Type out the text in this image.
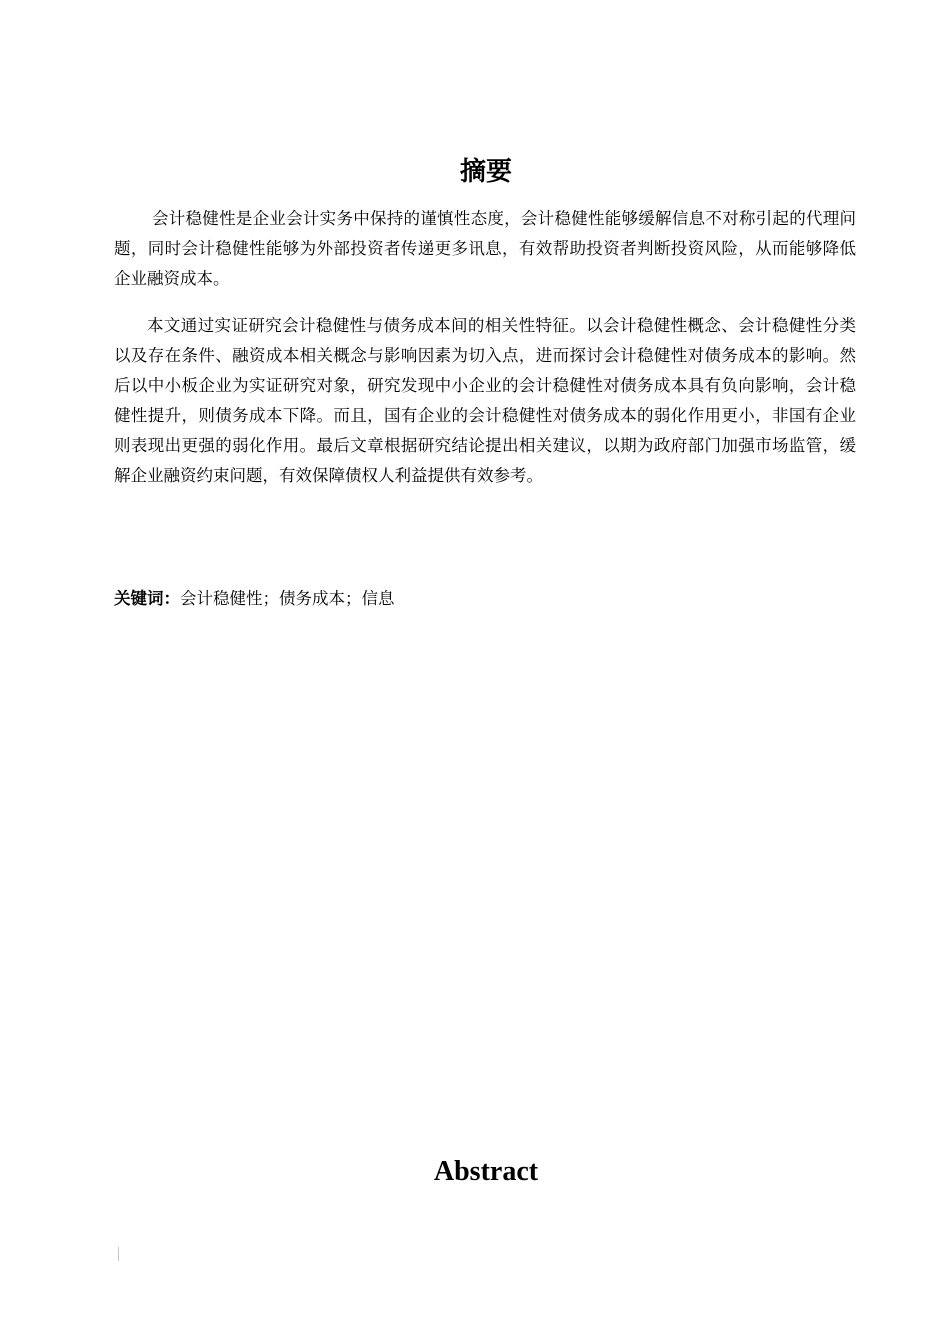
摘要

会计稳健性是企业会计实务中保持的谨慎性态度，会计稳健性能够缓解信息不对称引起的代理问题，同时会计稳健性能够为外部投资者传递更多讯息，有效帮助投资者判断投资风险，从而能够降低企业融资成本。

本文通过实证研究会计稳健性与债务成本间的相关性特征。以会计稳健性概念、会计稳健性分类以及存在条件、融资成本相关概念与影响因素为切入点，进而探讨会计稳健性对债务成本的影响。然后以中小板企业为实证研究对象，研究发现中小企业的会计稳健性对债务成本具有负向影响，会计稳健性提升，则债务成本下降。而且，国有企业的会计稳健性对债务成本的弱化作用更小，非国有企业则表现出更强的弱化作用。最后文章根据研究结论提出相关建议，以期为政府部门加强市场监管，缓解企业融资约束问题，有效保障债权人利益提供有效参考。

关键词：会计稳健性；债务成本；信息

Abstract
